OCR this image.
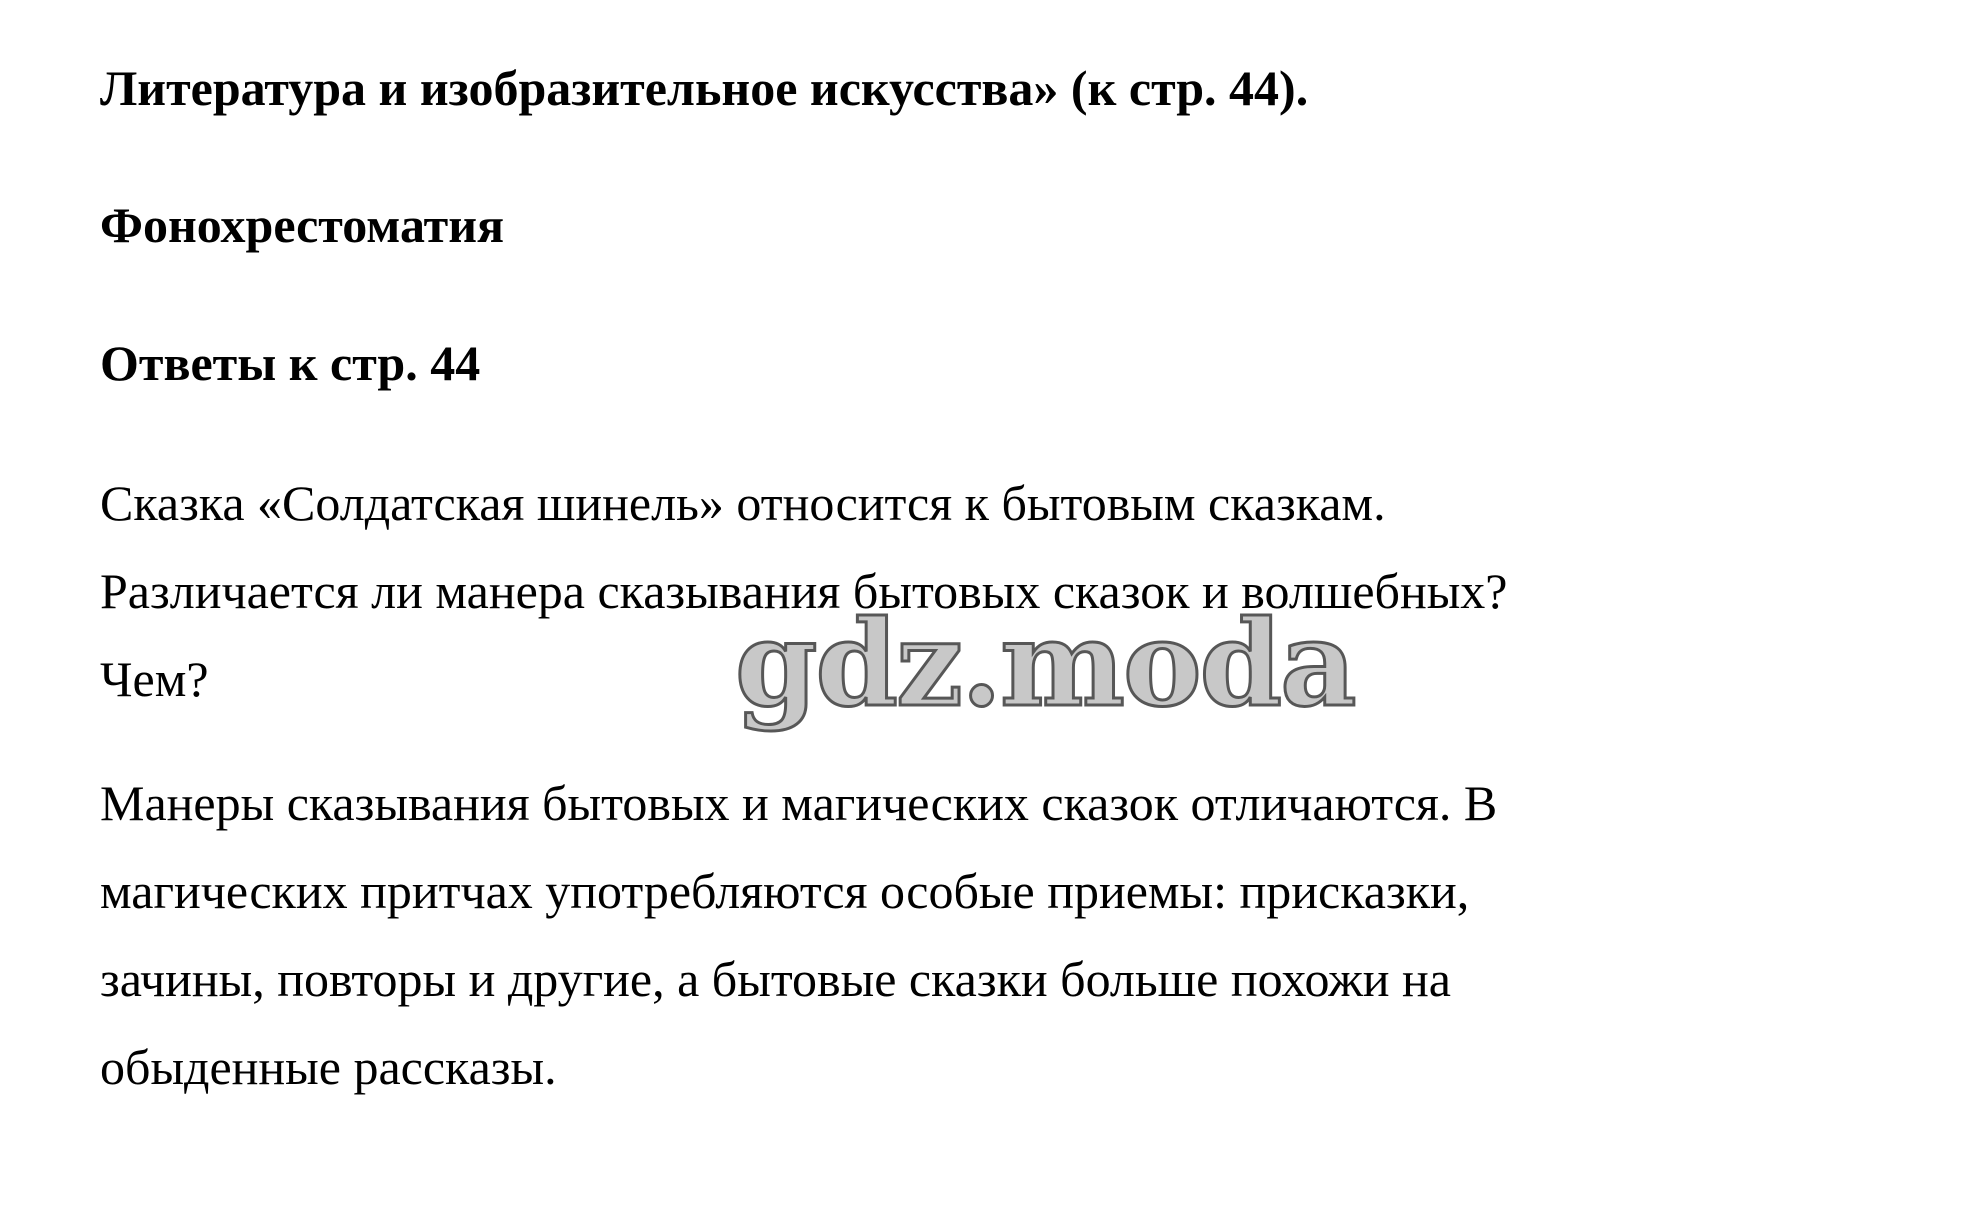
Литература и изобразительное искусства» (к стр. 44).

Фонохрестоматия

Ответы к стр. 44

Сказка «Солдатская шинель» относится к бытовым сказкам.
Различается ли манера сказывания бытовых сказок и волшебных?
Чем?
Манеры сказывания бытовых и магических сказок отличаются. В
магических притчах употребляются особые приемы: присказки,
зачины, повторы и другие, а бытовые сказки больше похожи на
обыденные рассказы.
gdz.moda
